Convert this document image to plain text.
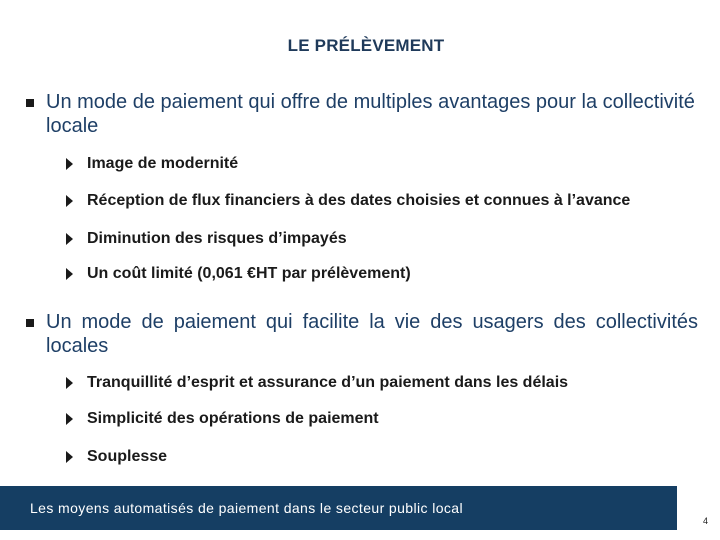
LE PRÉLÈVEMENT
Un mode de paiement qui offre de multiples avantages pour la collectivité locale
Image de modernité
Réception de flux financiers à des dates choisies et connues à l’avance
Diminution des risques d’impayés
Un coût limité (0,061 €HT par prélèvement)
Un mode de paiement qui facilite la vie des usagers des collectivités locales
Tranquillité d’esprit et assurance d’un paiement dans les délais
Simplicité des opérations de paiement
Souplesse
Les moyens automatisés de paiement dans le secteur public local
4
